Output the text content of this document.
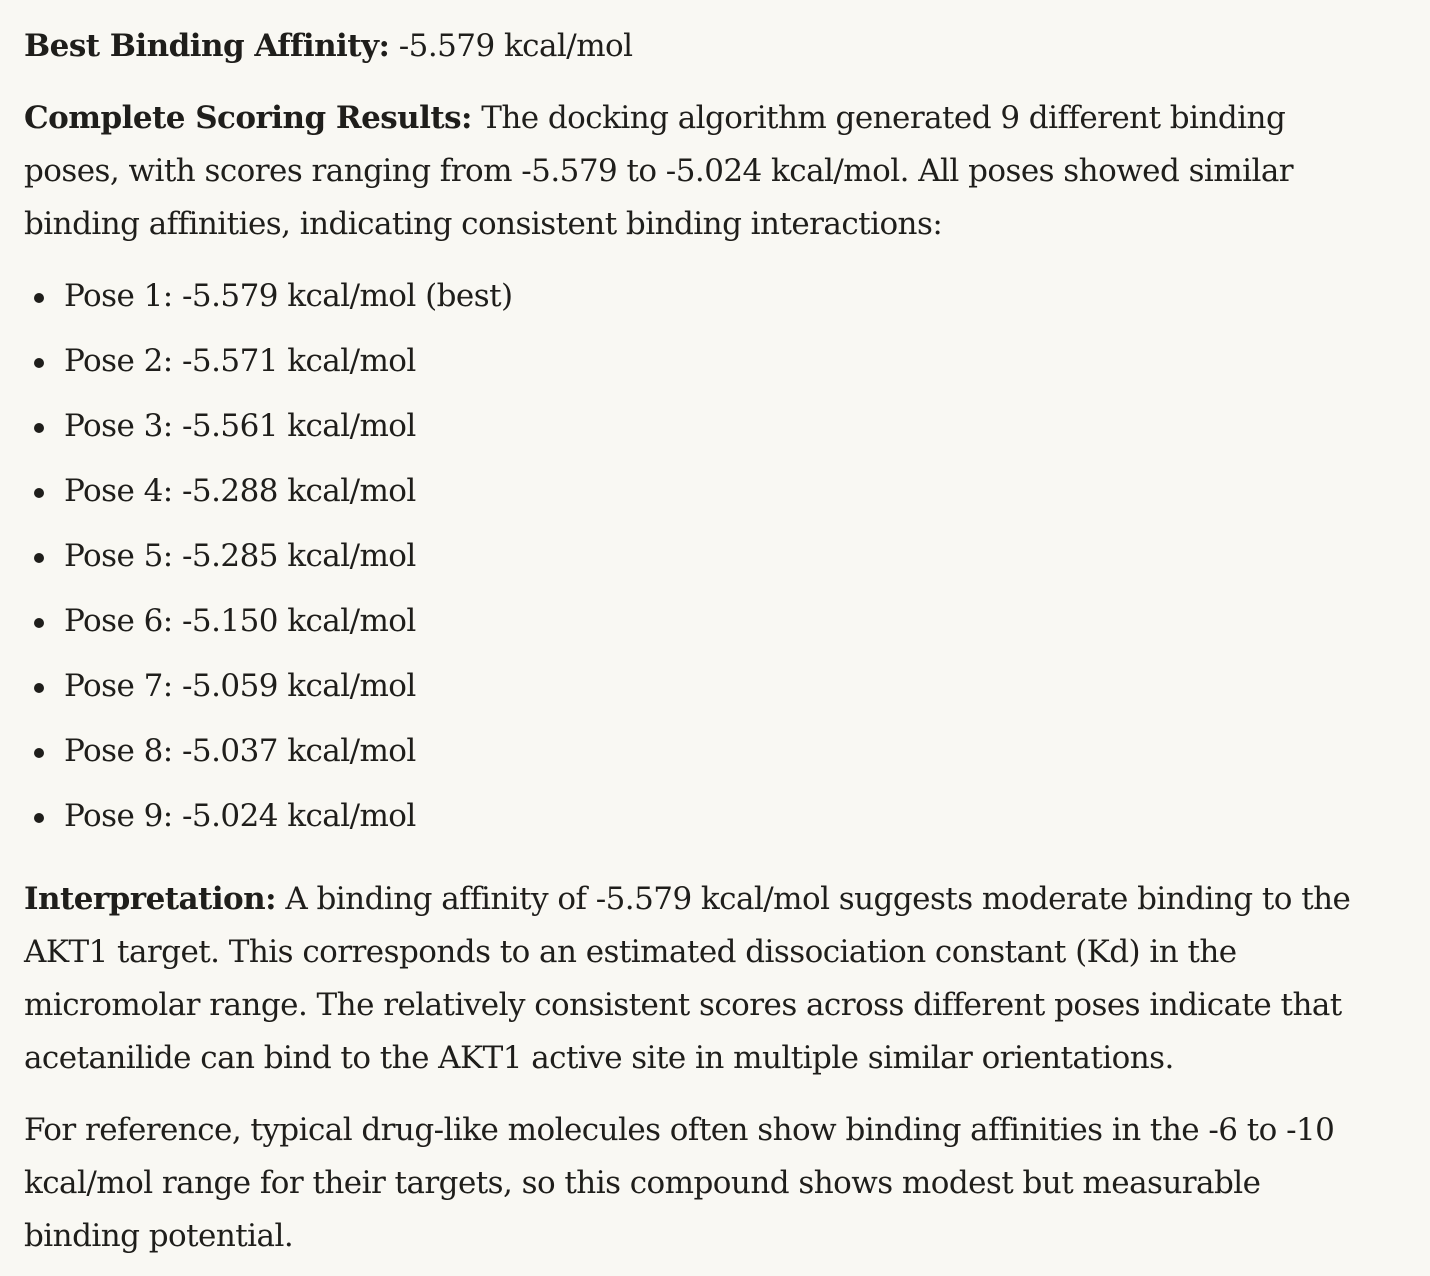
Best Binding Affinity: -5.579 kcal/mol

Complete Scoring Results: The docking algorithm generated 9 different binding poses, with scores ranging from -5.579 to -5.024 kcal/mol. All poses showed similar binding affinities, indicating consistent binding interactions:

Pose 1: -5.579 kcal/mol (best)
Pose 2: -5.571 kcal/mol
Pose 3: -5.561 kcal/mol
Pose 4: -5.288 kcal/mol
Pose 5: -5.285 kcal/mol
Pose 6: -5.150 kcal/mol
Pose 7: -5.059 kcal/mol
Pose 8: -5.037 kcal/mol
Pose 9: -5.024 kcal/mol

Interpretation: A binding affinity of -5.579 kcal/mol suggests moderate binding to the AKT1 target. This corresponds to an estimated dissociation constant (Kd) in the micromolar range. The relatively consistent scores across different poses indicate that acetanilide can bind to the AKT1 active site in multiple similar orientations.

For reference, typical drug-like molecules often show binding affinities in the -6 to -10 kcal/mol range for their targets, so this compound shows modest but measurable binding potential.
